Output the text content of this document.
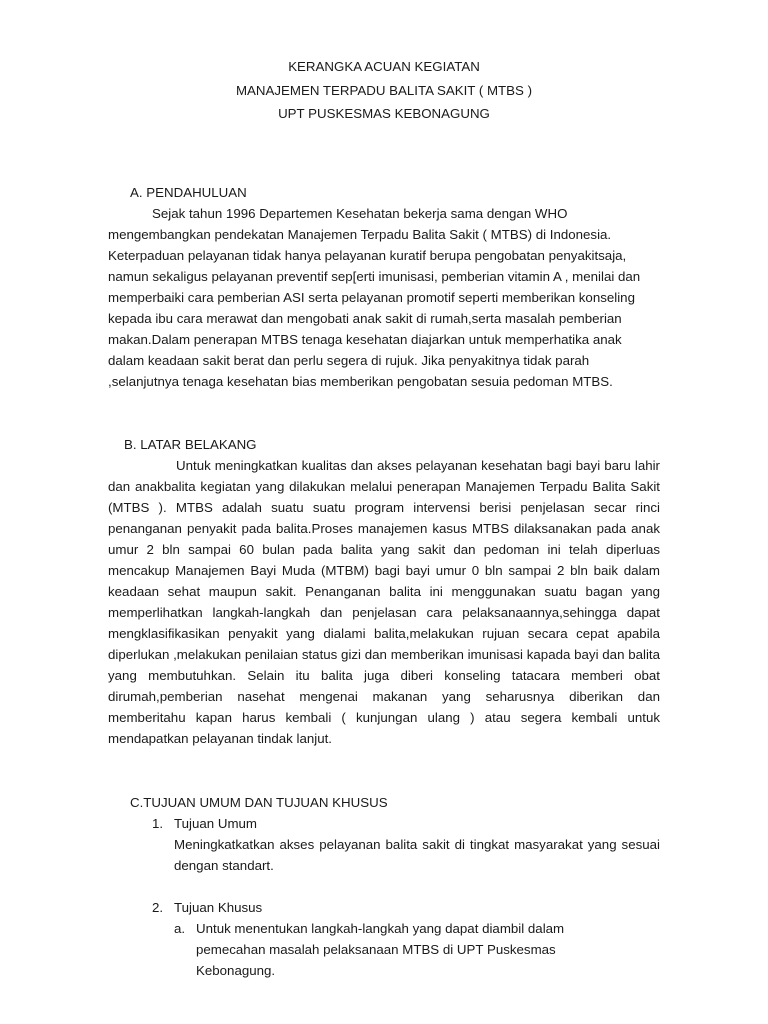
KERANGKA ACUAN KEGIATAN
MANAJEMEN TERPADU BALITA SAKIT ( MTBS )
UPT PUSKESMAS KEBONAGUNG
A. PENDAHULUAN

Sejak tahun 1996 Departemen Kesehatan bekerja sama dengan WHO mengembangkan pendekatan Manajemen Terpadu Balita Sakit ( MTBS) di Indonesia. Keterpaduan pelayanan tidak hanya pelayanan kuratif berupa pengobatan penyakitsaja, namun sekaligus pelayanan preventif sep[erti imunisasi, pemberian vitamin A , menilai dan memperbaiki cara pemberian ASI serta pelayanan promotif seperti memberikan konseling kepada ibu cara merawat dan mengobati anak sakit di rumah,serta masalah pemberian makan.Dalam penerapan MTBS tenaga kesehatan diajarkan untuk memperhatika anak dalam keadaan sakit berat dan perlu segera di rujuk. Jika penyakitnya tidak parah ,selanjutnya tenaga kesehatan bias memberikan pengobatan sesuia pedoman MTBS.

B. LATAR BELAKANG

Untuk meningkatkan kualitas dan akses pelayanan kesehatan bagi bayi baru lahir dan anakbalita kegiatan yang dilakukan melalui penerapan Manajemen Terpadu Balita Sakit (MTBS ). MTBS adalah suatu suatu program intervensi berisi penjelasan secar rinci penanganan penyakit pada balita.Proses manajemen kasus MTBS dilaksanakan pada anak umur 2 bln sampai 60 bulan pada balita yang sakit dan pedoman ini telah diperluas mencakup Manajemen Bayi Muda (MTBM) bagi bayi umur 0 bln sampai 2 bln baik dalam keadaan sehat maupun sakit. Penanganan balita ini menggunakan suatu bagan yang memperlihatkan langkah-langkah dan penjelasan cara pelaksanaannya,sehingga dapat mengklasifikasikan penyakit yang dialami balita,melakukan rujuan secara cepat apabila diperlukan ,melakukan penilaian status gizi dan memberikan imunisasi kapada bayi dan balita yang membutuhkan. Selain itu balita juga diberi konseling tatacara memberi obat dirumah,pemberian nasehat mengenai makanan yang seharusnya diberikan dan memberitahu kapan harus kembali ( kunjungan ulang ) atau segera kembali untuk mendapatkan pelayanan tindak lanjut.

C.TUJUAN UMUM DAN TUJUAN KHUSUS
1. Tujuan Umum

Meningkatkatkan akses pelayanan balita sakit di tingkat masyarakat yang sesuai dengan standart.

2. Tujuan Khusus
a. Untuk menentukan langkah-langkah yang dapat diambil dalam pemecahan masalah pelaksanaan MTBS di UPT Puskesmas Kebonagung.
